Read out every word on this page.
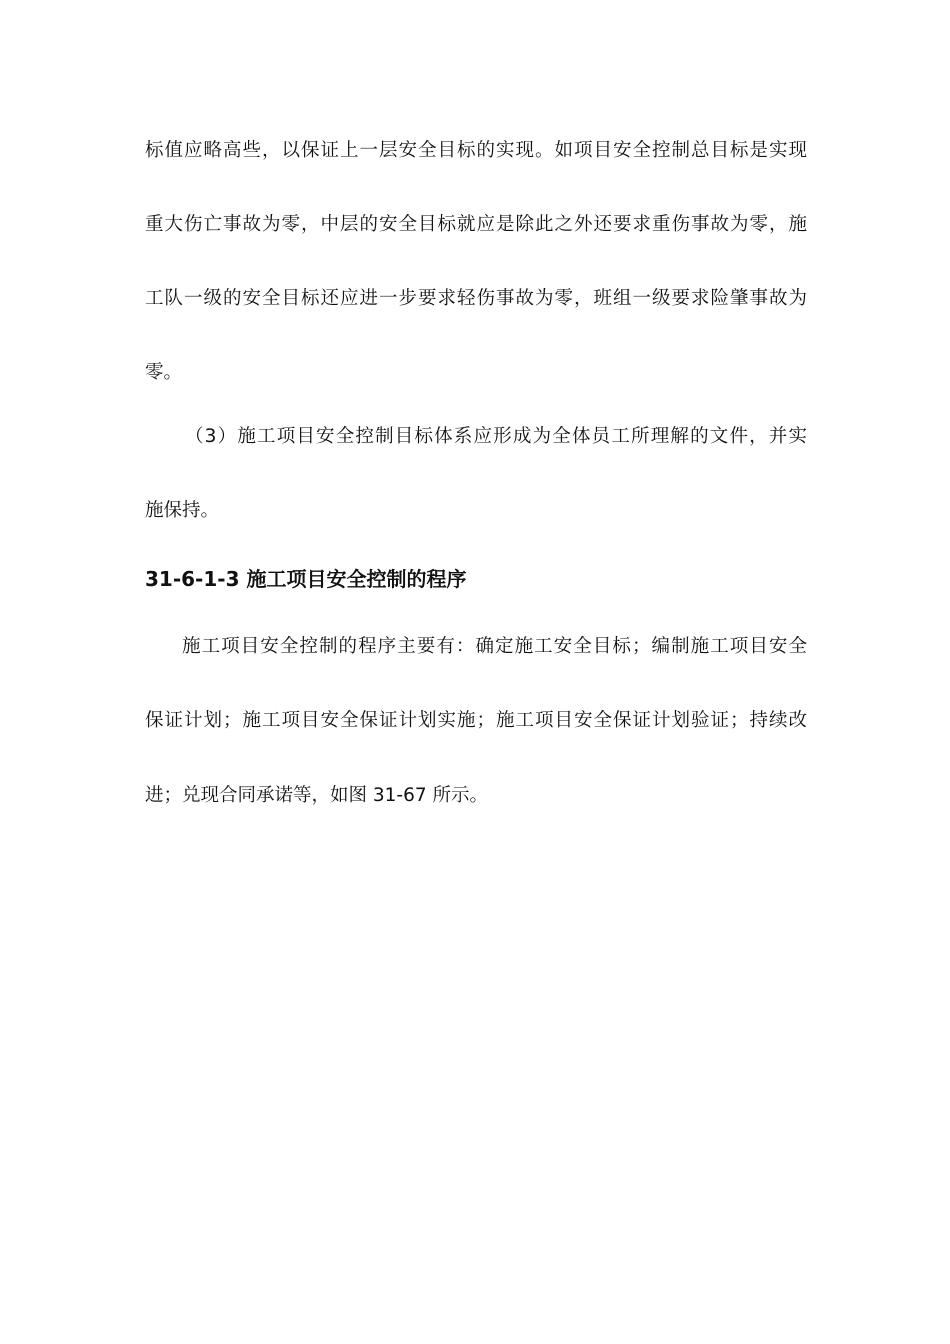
标值应略高些，以保证上一层安全目标的实现。如项目安全控制总目标是实现
重大伤亡事故为零，中层的安全目标就应是除此之外还要求重伤事故为零，施
工队一级的安全目标还应进一步要求轻伤事故为零，班组一级要求险肇事故为
零。
（3）施工项目安全控制目标体系应形成为全体员工所理解的文件，并实
施保持。
31-6-1-3 施工项目安全控制的程序
施工项目安全控制的程序主要有：确定施工安全目标；编制施工项目安全
保证计划；施工项目安全保证计划实施；施工项目安全保证计划验证；持续改
进；兑现合同承诺等，如图 31-67 所示。
